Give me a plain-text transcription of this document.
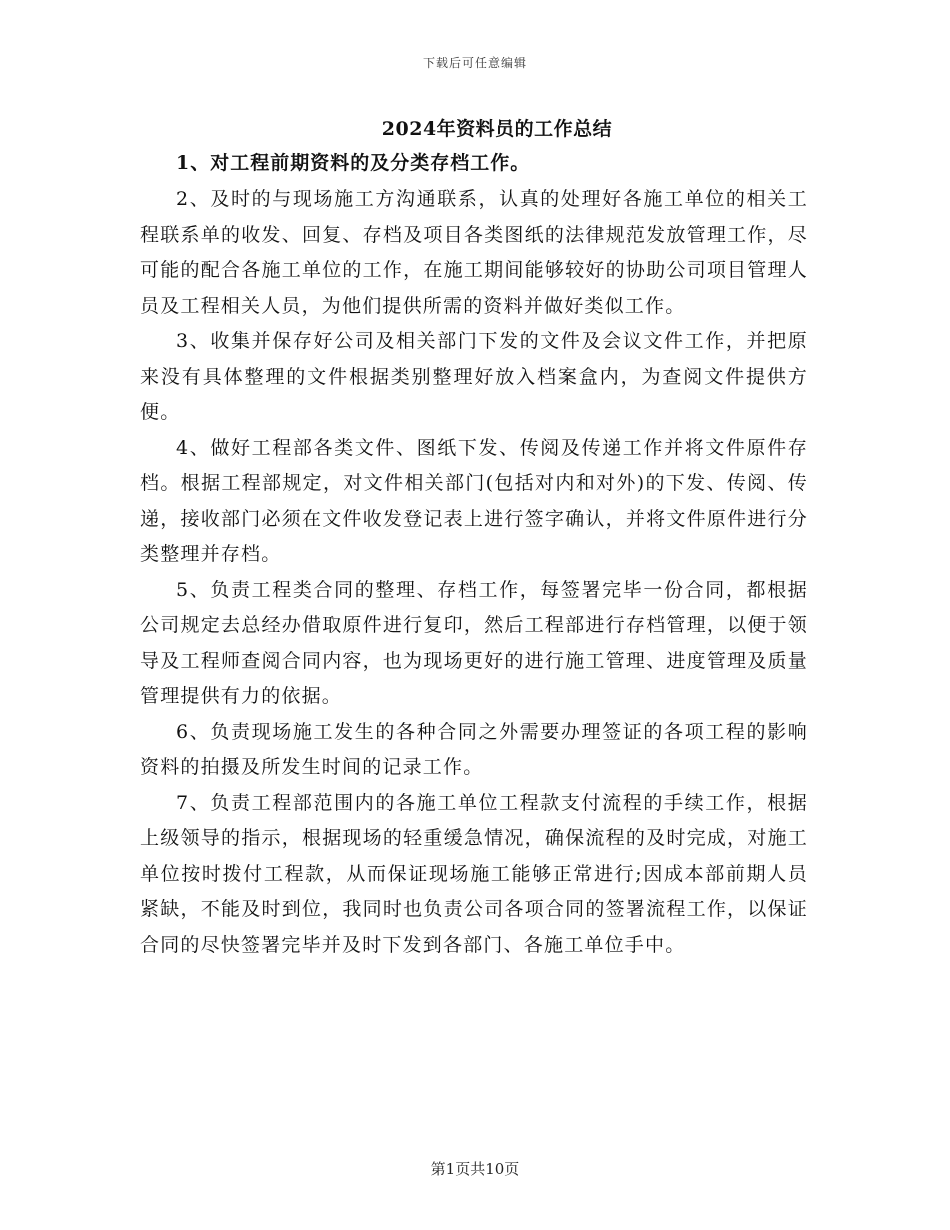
下载后可任意编辑
2024年资料员的工作总结
1、对工程前期资料的及分类存档工作。

2、及时的与现场施工方沟通联系，认真的处理好各施工单位的相关工程联系单的收发、回复、存档及项目各类图纸的法律规范发放管理工作，尽可能的配合各施工单位的工作，在施工期间能够较好的协助公司项目管理人员及工程相关人员，为他们提供所需的资料并做好类似工作。

3、收集并保存好公司及相关部门下发的文件及会议文件工作，并把原来没有具体整理的文件根据类别整理好放入档案盒内，为查阅文件提供方便。

4、做好工程部各类文件、图纸下发、传阅及传递工作并将文件原件存档。根据工程部规定，对文件相关部门(包括对内和对外)的下发、传阅、传递，接收部门必须在文件收发登记表上进行签字确认，并将文件原件进行分类整理并存档。

5、负责工程类合同的整理、存档工作，每签署完毕一份合同，都根据公司规定去总经办借取原件进行复印，然后工程部进行存档管理，以便于领导及工程师查阅合同内容，也为现场更好的进行施工管理、进度管理及质量管理提供有力的依据。

6、负责现场施工发生的各种合同之外需要办理签证的各项工程的影响资料的拍摄及所发生时间的记录工作。

7、负责工程部范围内的各施工单位工程款支付流程的手续工作，根据上级领导的指示，根据现场的轻重缓急情况，确保流程的及时完成，对施工单位按时拨付工程款，从而保证现场施工能够正常进行;因成本部前期人员紧缺，不能及时到位，我同时也负责公司各项合同的签署流程工作，以保证合同的尽快签署完毕并及时下发到各部门、各施工单位手中。

第1页共10页
